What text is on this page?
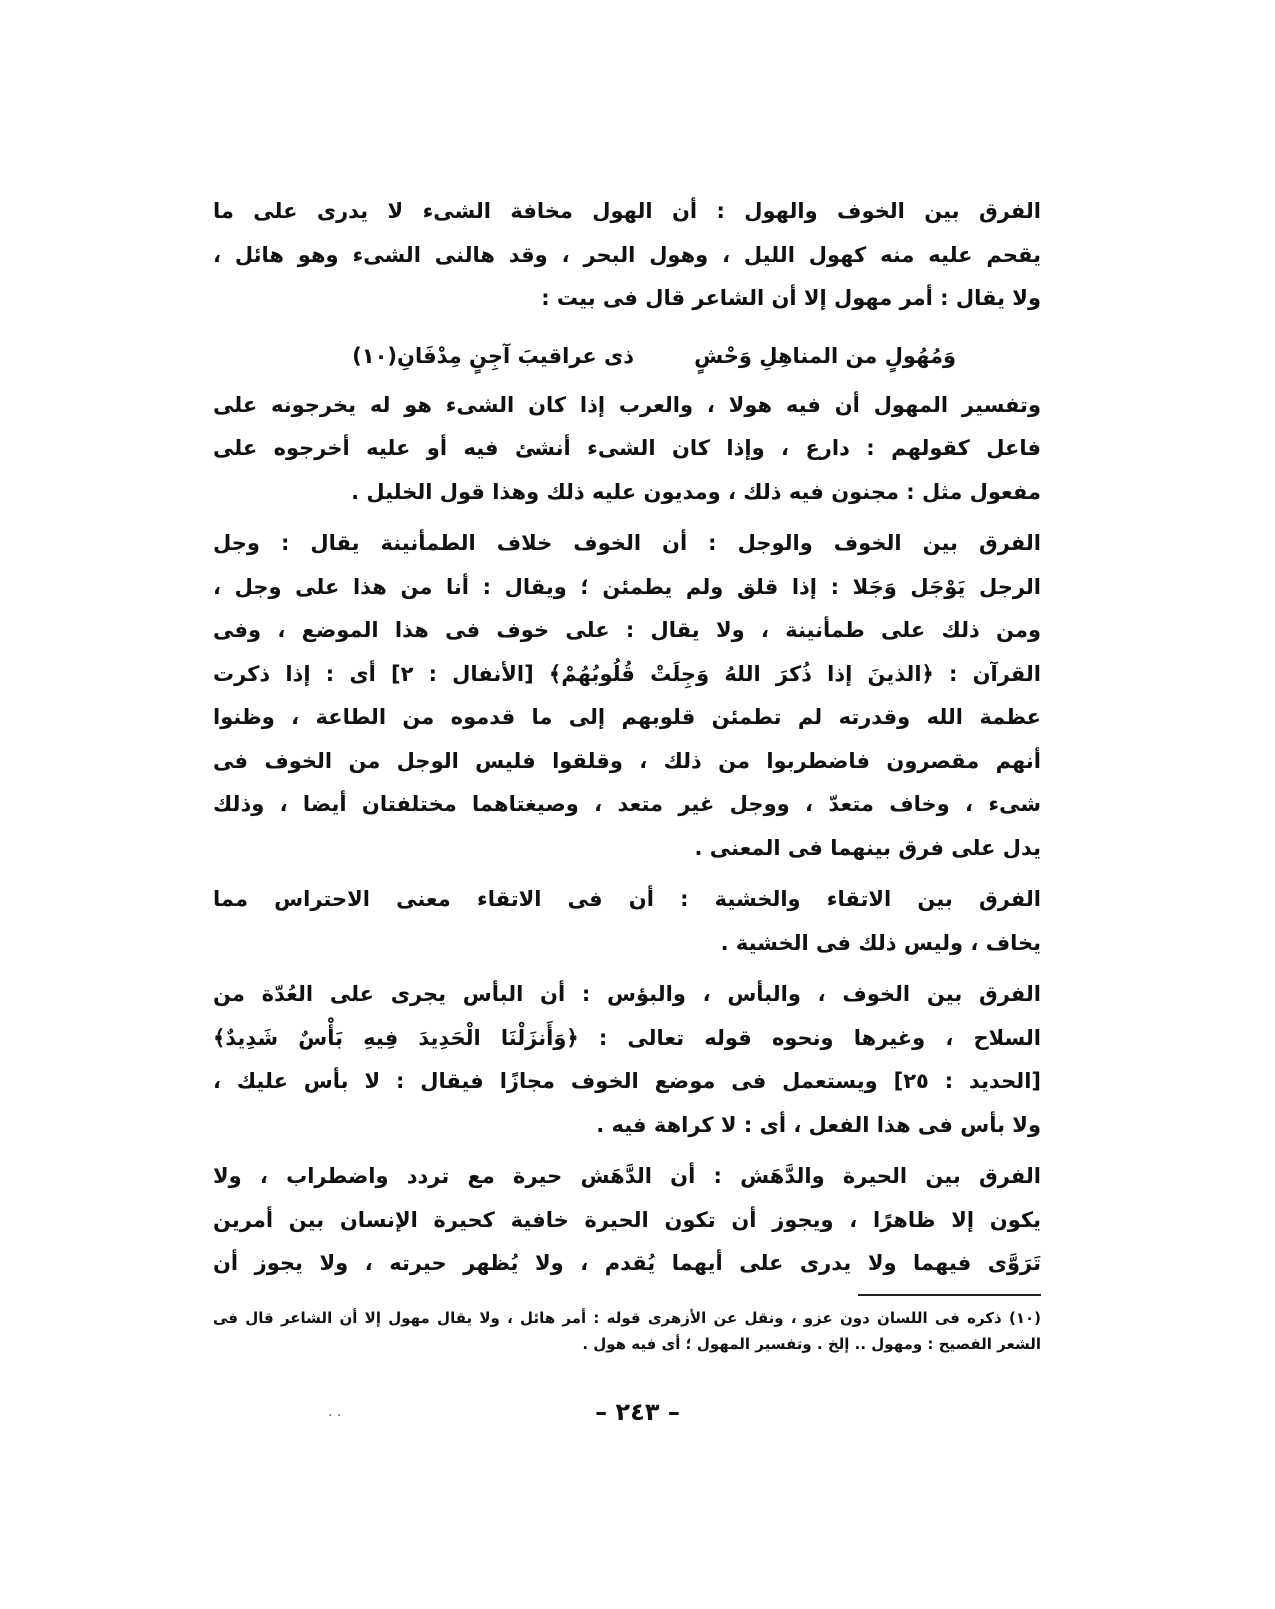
الفرق بين الخوف والهول : أن الهول مخافة الشىء لا يدرى على ما
يقحم عليه منه كهول الليل ، وهول البحر ، وقد هالنى الشىء وهو هائل ،
ولا يقال : أمر مهول إلا أن الشاعر قال فى بيت :
وَمُهُولٍ من المناهِلِ وَحْشٍ
ذى عراقيبَ آجِنٍ مِدْفَانِ(١٠)
وتفسير المهول أن فيه هولا ، والعرب إذا كان الشىء هو له يخرجونه على
فاعل كقولهم : دارع ، وإذا كان الشىء أنشئ فيه أو عليه أخرجوه على
مفعول مثل : مجنون فيه ذلك ، ومديون عليه ذلك وهذا قول الخليل .
الفرق بين الخوف والوجل : أن الخوف خلاف الطمأنينة يقال : وجل
الرجل يَوْجَل وَجَلا : إذا قلق ولم يطمئن ؛ ويقال : أنا من هذا على وجل ،
ومن ذلك على طمأنينة ، ولا يقال : على خوف فى هذا الموضع ، وفى
القرآن : ﴿الذينَ إذا ذُكرَ اللهُ وَجِلَتْ قُلُوبُهُمْ﴾ [الأنفال : ٢] أى : إذا ذكرت
عظمة الله وقدرته لم تطمئن قلوبهم إلى ما قدموه من الطاعة ، وظنوا
أنهم مقصرون فاضطربوا من ذلك ، وقلقوا فليس الوجل من الخوف فى
شىء ، وخاف متعدّ ، ووجل غير متعد ، وصيغتاهما مختلفتان أيضا ، وذلك
يدل على فرق بينهما فى المعنى .
الفرق بين الاتقاء والخشية : أن فى الاتقاء معنى الاحتراس مما
يخاف ، وليس ذلك فى الخشية .
الفرق بين الخوف ، والبأس ، والبؤس : أن البأس يجرى على العُدّة من
السلاح ، وغيرها ونحوه قوله تعالى : ﴿وَأَنزَلْنَا الْحَدِيدَ فِيهِ بَأْسٌ شَدِيدٌ﴾
[الحديد : ٢٥] ويستعمل فى موضع الخوف مجازًا فيقال : لا بأس عليك ،
ولا بأس فى هذا الفعل ، أى : لا كراهة فيه .
الفرق بين الحيرة والدَّهَش : أن الدَّهَش حيرة مع تردد واضطراب ، ولا
يكون إلا ظاهرًا ، ويجوز أن تكون الحيرة خافية كحيرة الإنسان بين أمرين
تَرَوَّى فيهما ولا يدرى على أيهما يُقدم ، ولا يُظهر حيرته ، ولا يجوز أن
(١٠) ذكره فى اللسان دون عزو ، ونقل عن الأزهرى قوله : أمر هائل ، ولا يقال مهول إلا أن الشاعر قال فى
الشعر الفصيح : ومهول .. إلخ . وتفسير المهول ؛ أى فيه هول .
· ·	– ٢٤٣ –
